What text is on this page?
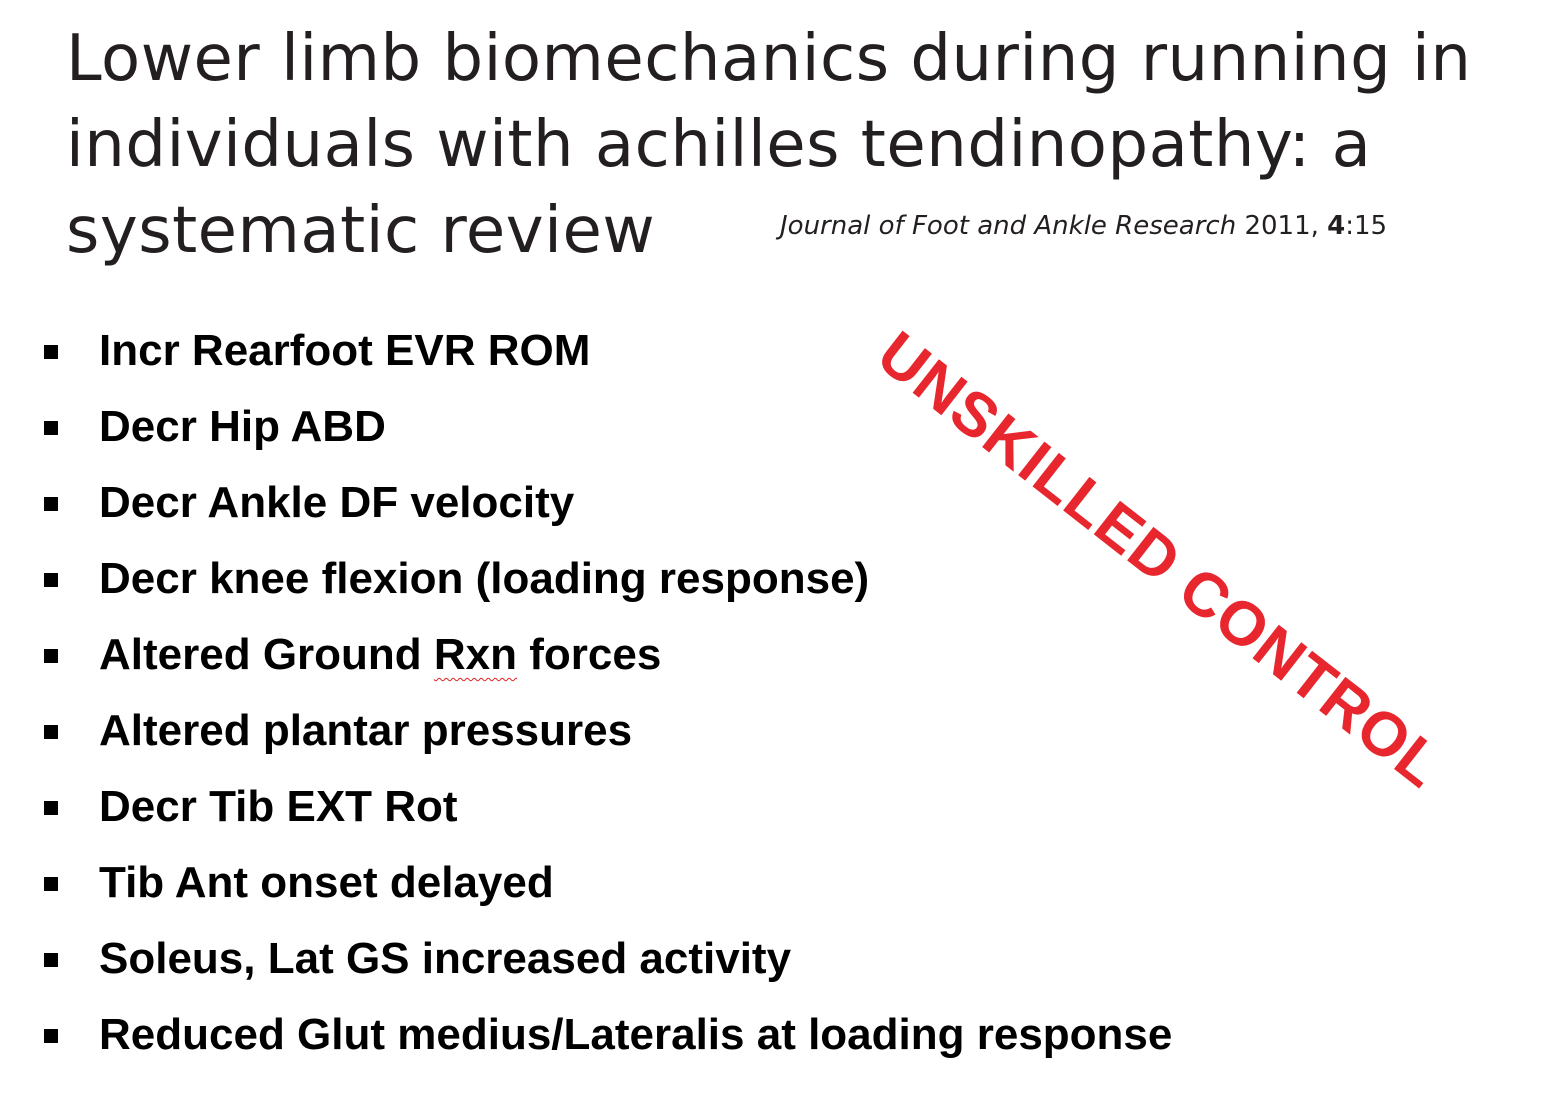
Lower limb biomechanics during running in
individuals with achilles tendinopathy: a
systematic review	Journal of Foot and Ankle Research 2011, 4:15
Incr Rearfoot EVR ROM
Decr Hip ABD
Decr Ankle DF velocity
Decr knee flexion (loading response)
Altered Ground Rxn forces
Altered plantar pressures
Decr Tib EXT Rot
Tib Ant onset delayed
Soleus, Lat GS increased activity
Reduced Glut medius/Lateralis at loading response
UNSKILLED CONTROL
